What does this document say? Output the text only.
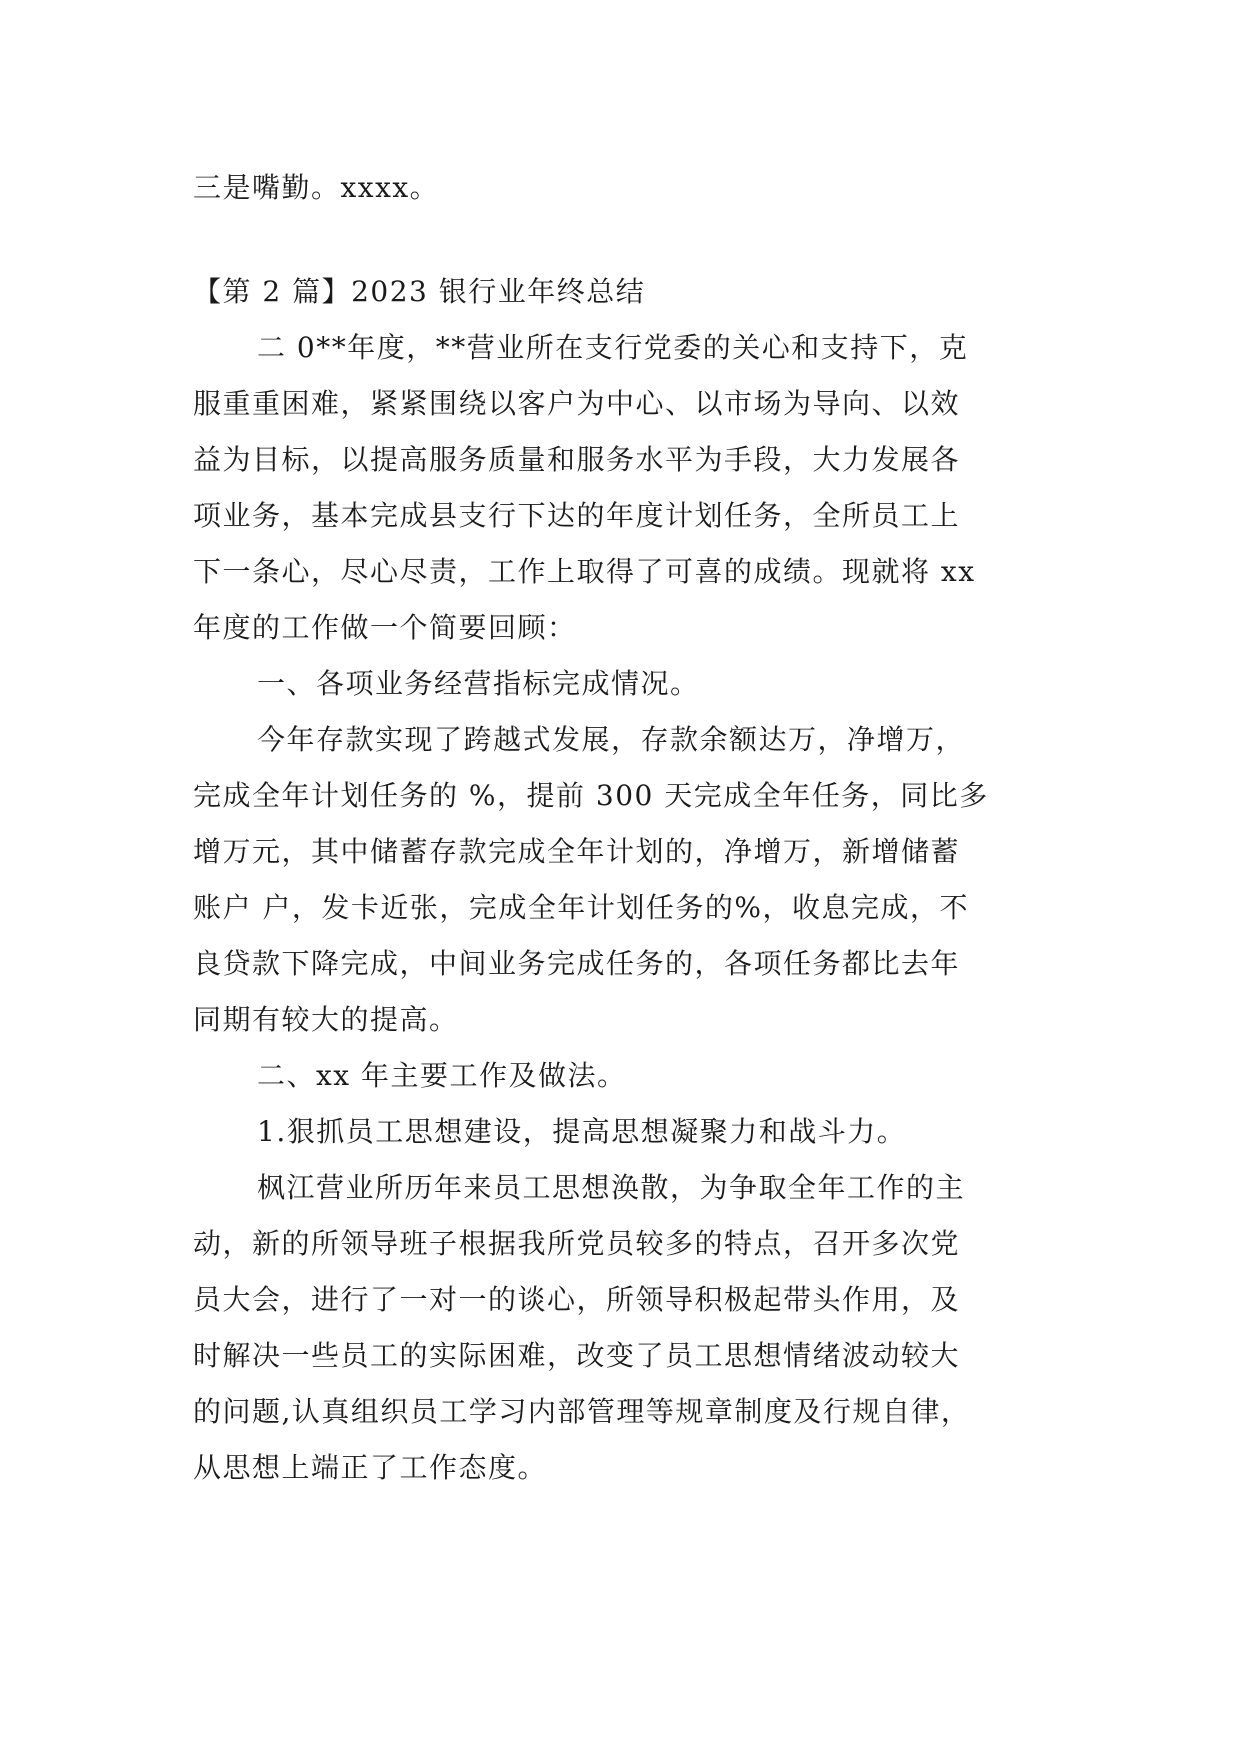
三是嘴勤。xxxx。
【第 2 篇】2023 银行业年终总结
二 0**年度，**营业所在支行党委的关心和支持下，克
服重重困难，紧紧围绕以客户为中心、以市场为导向、以效
益为目标，以提高服务质量和服务水平为手段，大力发展各
项业务，基本完成县支行下达的年度计划任务，全所员工上
下一条心，尽心尽责，工作上取得了可喜的成绩。现就将 xx
年度的工作做一个简要回顾：
一、各项业务经营指标完成情况。
今年存款实现了跨越式发展，存款余额达万，净增万，
完成全年计划任务的 %，提前 300 天完成全年任务，同比多
增万元，其中储蓄存款完成全年计划的，净增万，新增储蓄
账户 户，发卡近张，完成全年计划任务的%，收息完成，不
良贷款下降完成，中间业务完成任务的，各项任务都比去年
同期有较大的提高。
二、xx 年主要工作及做法。
1.狠抓员工思想建设，提高思想凝聚力和战斗力。
枫江营业所历年来员工思想涣散，为争取全年工作的主
动，新的所领导班子根据我所党员较多的特点，召开多次党
员大会，进行了一对一的谈心，所领导积极起带头作用，及
时解决一些员工的实际困难，改变了员工思想情绪波动较大
的问题,认真组织员工学习内部管理等规章制度及行规自律，
从思想上端正了工作态度。
